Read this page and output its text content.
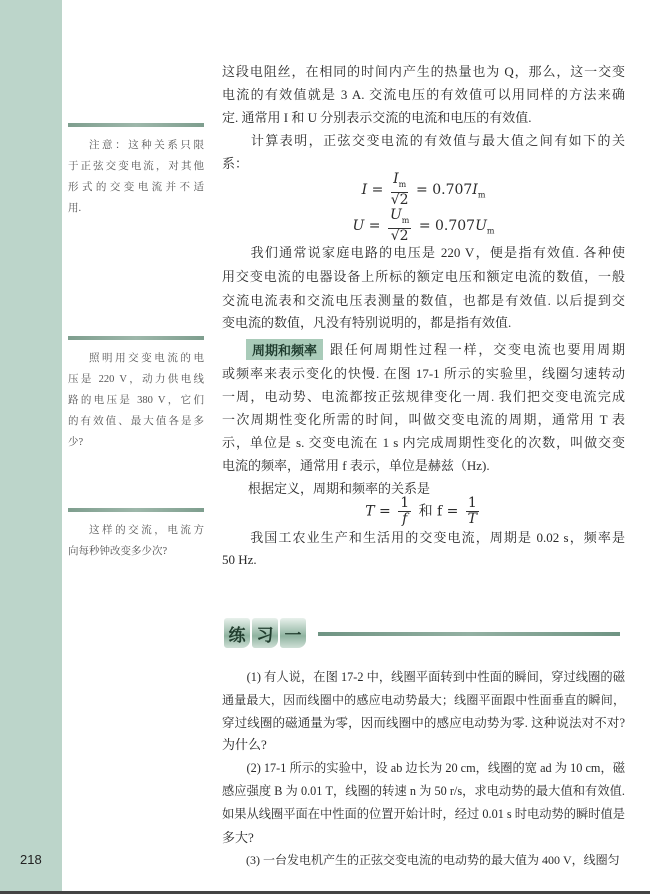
218
注意：这种关系只限
于正弦交变电流，对其他
形式的交变电流并不适
用.
照明用交变电流的电
压是 220 V，动力供电线
路的电压是 380 V，它们
的有效值、最大值各是多
少?
这样的交流，电流方
向每秒钟改变多少次?
这段电阻丝，在相同的时间内产生的热量也为 Q，那么，这一交变
电流的有效值就是 3 A. 交流电压的有效值可以用同样的方法来确
定. 通常用 I 和 U 分别表示交流的电流和电压的有效值.
　　计算表明，正弦交变电流的有效值与最大值之间有如下的关
系：
　　我们通常说家庭电路的电压是 220 V，便是指有效值. 各种使
用交变电流的电器设备上所标的额定电压和额定电流的数值，一般
交流电流表和交流电压表测量的数值，也都是有效值. 以后提到交
变电流的数值，凡没有特别说明的，都是指有效值.
或频率来表示变化的快慢. 在图 17-1 所示的实验里，线圈匀速转动
一周，电动势、电流都按正弦规律变化一周. 我们把交变电流完成
一次周期性变化所需的时间，叫做交变电流的周期，通常用 T 表
示，单位是 s. 交变电流在 1 s 内完成周期性变化的次数，叫做交变
电流的频率，通常用 f 表示，单位是赫兹（Hz).
　　根据定义，周期和频率的关系是
　　我国工农业生产和生活用的交变电流，周期是 0.02 s，频率是
50 Hz.
　　(1) 有人说，在图 17-2 中，线圈平面转到中性面的瞬间，穿过线圈的磁
通量最大，因而线圈中的感应电动势最大；线圈平面跟中性面垂直的瞬间，
穿过线圈的磁通量为零，因而线圈中的感应电动势为零. 这种说法对不对?
为什么?
　　(2) 17-1 所示的实验中，设 ab 边长为 20 cm，线圈的宽 ad 为 10 cm，磁
感应强度 B 为 0.01 T，线圈的转速 n 为 50 r/s，求电动势的最大值和有效值.
如果从线圈平面在中性面的位置开始计时，经过 0.01 s 时电动势的瞬时值是
多大?
　　(3) 一台发电机产生的正弦交变电流的电动势的最大值为 400 V，线圈匀
$I = \frac{I_m}{√2} = 0.707I_m$
$U = \frac{U_m}{√2} = 0.707U_m$
周期和频率 跟任何周期性过程一样，交变电流也要用周期
$T = \frac{1}{f}$ 和 $f = \frac{1}{T}$
练 习 一
